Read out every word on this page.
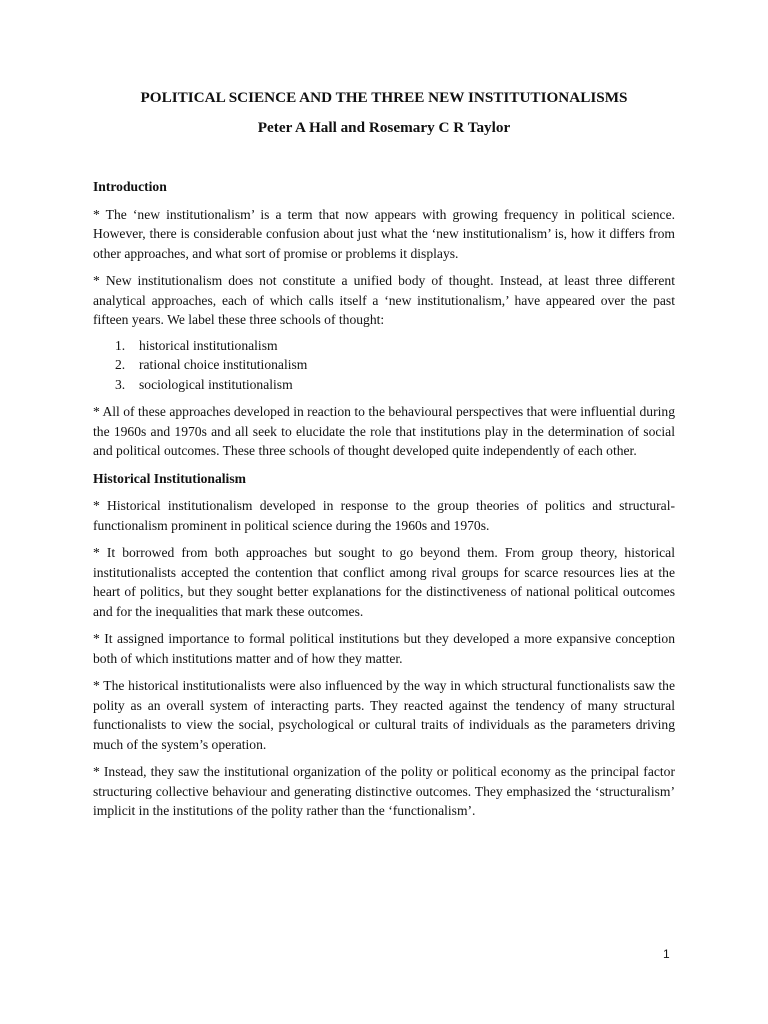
POLITICAL SCIENCE AND THE THREE NEW INSTITUTIONALISMS
Peter A Hall and Rosemary C R Taylor
Introduction

* The ‘new institutionalism’ is a term that now appears with growing frequency in political science. However, there is considerable confusion about just what the ‘new institutionalism’ is, how it differs from other approaches, and what sort of promise or problems it displays.

* New institutionalism does not constitute a unified body of thought. Instead, at least three different analytical approaches, each of which calls itself a ‘new institutionalism,’ have appeared over the past fifteen years. We label these three schools of thought:

1.	historical institutionalism
2.	rational choice institutionalism
3.	sociological institutionalism

* All of these approaches developed in reaction to the behavioural perspectives that were influential during the 1960s and 1970s and all seek to elucidate the role that institutions play in the determination of social and political outcomes. These three schools of thought developed quite independently of each other.

Historical Institutionalism

* Historical institutionalism developed in response to the group theories of politics and structural-functionalism prominent in political science during the 1960s and 1970s.

* It borrowed from both approaches but sought to go beyond them. From group theory, historical institutionalists accepted the contention that conflict among rival groups for scarce resources lies at the heart of politics, but they sought better explanations for the distinctiveness of national political outcomes and for the inequalities that mark these outcomes.

* It assigned importance to formal political institutions but they developed a more expansive conception both of which institutions matter and of how they matter.

* The historical institutionalists were also influenced by the way in which structural functionalists saw the polity as an overall system of interacting parts. They reacted against the tendency of many structural functionalists to view the social, psychological or cultural traits of individuals as the parameters driving much of the system’s operation.

* Instead, they saw the institutional organization of the polity or political economy as the principal factor structuring collective behaviour and generating distinctive outcomes. They emphasized the ‘structuralism’ implicit in the institutions of the polity rather than the ‘functionalism’.

1
